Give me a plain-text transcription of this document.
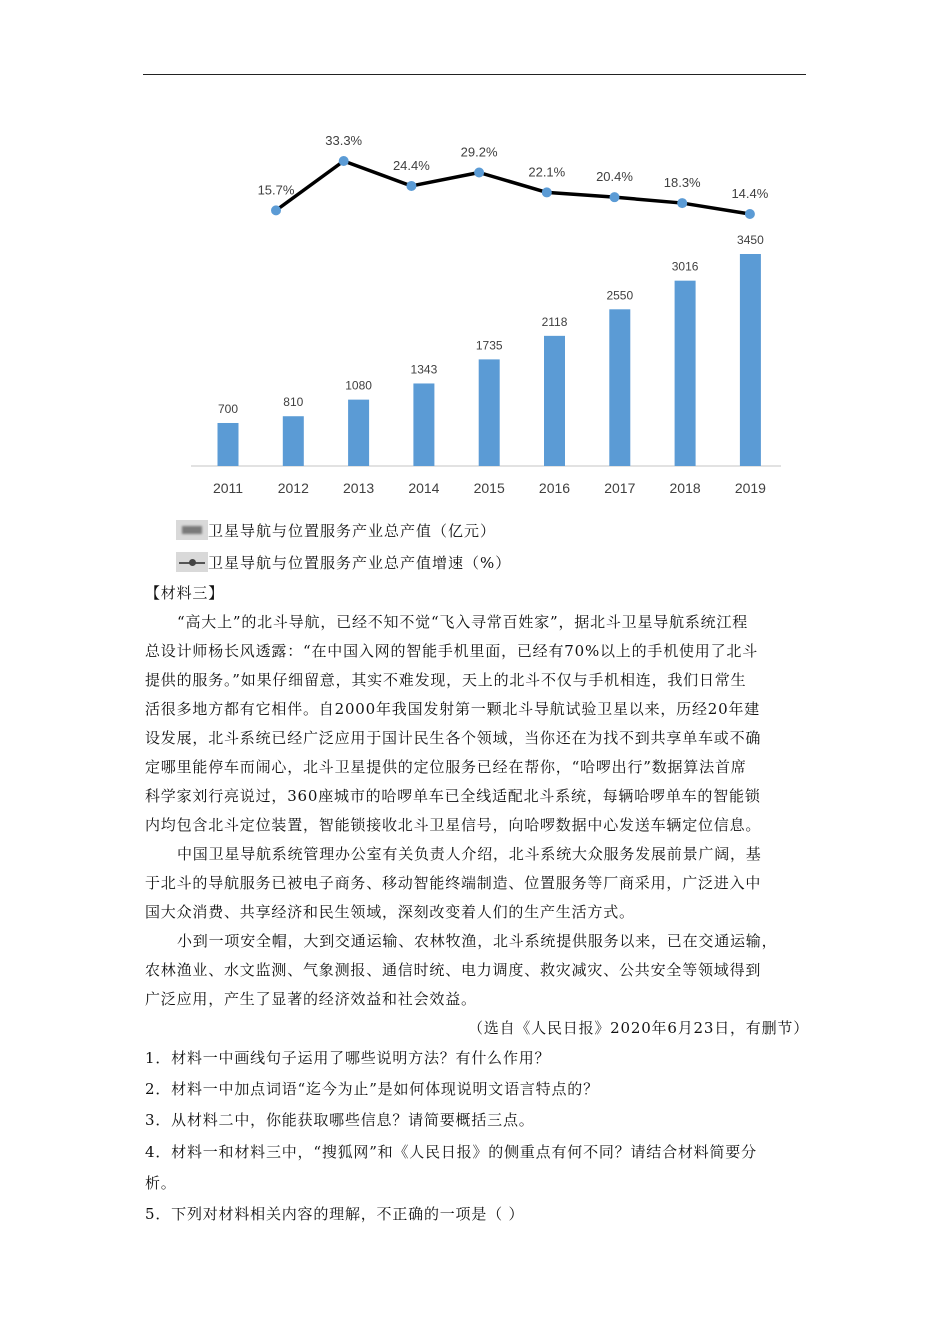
700
2011
810
2012
1080
2013
1343
2014
1735
2015
2118
2016
2550
2017
3016
2018
3450
2019
15.7%
33.3%
24.4%
29.2%
22.1% 20.4% 18.3%
14.4%
卫星导航与位置服务产业总产值（亿元）
卫星导航与位置服务产业总产值增速（%）
【材料三】
“高大上”的北斗导航，已经不知不觉“飞入寻常百姓家”，据北斗卫星导航系统江程
总设计师杨长风透露：“在中国入网的智能手机里面，已经有70%以上的手机使用了北斗
提供的服务。”如果仔细留意，其实不难发现，天上的北斗不仅与手机相连，我们日常生
活很多地方都有它相伴。自2000年我国发射第一颗北斗导航试验卫星以来，历经20年建
设发展，北斗系统已经广泛应用于国计民生各个领域，当你还在为找不到共享单车或不确
定哪里能停车而闹心，北斗卫星提供的定位服务已经在帮你，“哈啰出行”数据算法首席
科学家刘行亮说过，360座城市的哈啰单车已全线适配北斗系统，每辆哈啰单车的智能锁
内均包含北斗定位装置，智能锁接收北斗卫星信号，向哈啰数据中心发送车辆定位信息。
中国卫星导航系统管理办公室有关负责人介绍，北斗系统大众服务发展前景广阔，基
于北斗的导航服务已被电子商务、移动智能终端制造、位置服务等厂商采用，广泛进入中
国大众消费、共享经济和民生领域，深刻改变着人们的生产生活方式。
小到一项安全帽，大到交通运输、农林牧渔，北斗系统提供服务以来，已在交通运输，
农林渔业、水文监测、气象测报、通信时统、电力调度、救灾减灾、公共安全等领域得到
广泛应用，产生了显著的经济效益和社会效益。
（选自《人民日报》2020年6月23日，有删节）
1．材料一中画线句子运用了哪些说明方法？有什么作用？
2．材料一中加点词语“迄今为止”是如何体现说明文语言特点的？
3．从材料二中，你能获取哪些信息？请简要概括三点。
4．材料一和材料三中，“搜狐网”和《人民日报》的侧重点有何不同？请结合材料简要分
析。
5．下列对材料相关内容的理解，不正确的一项是（ ）
